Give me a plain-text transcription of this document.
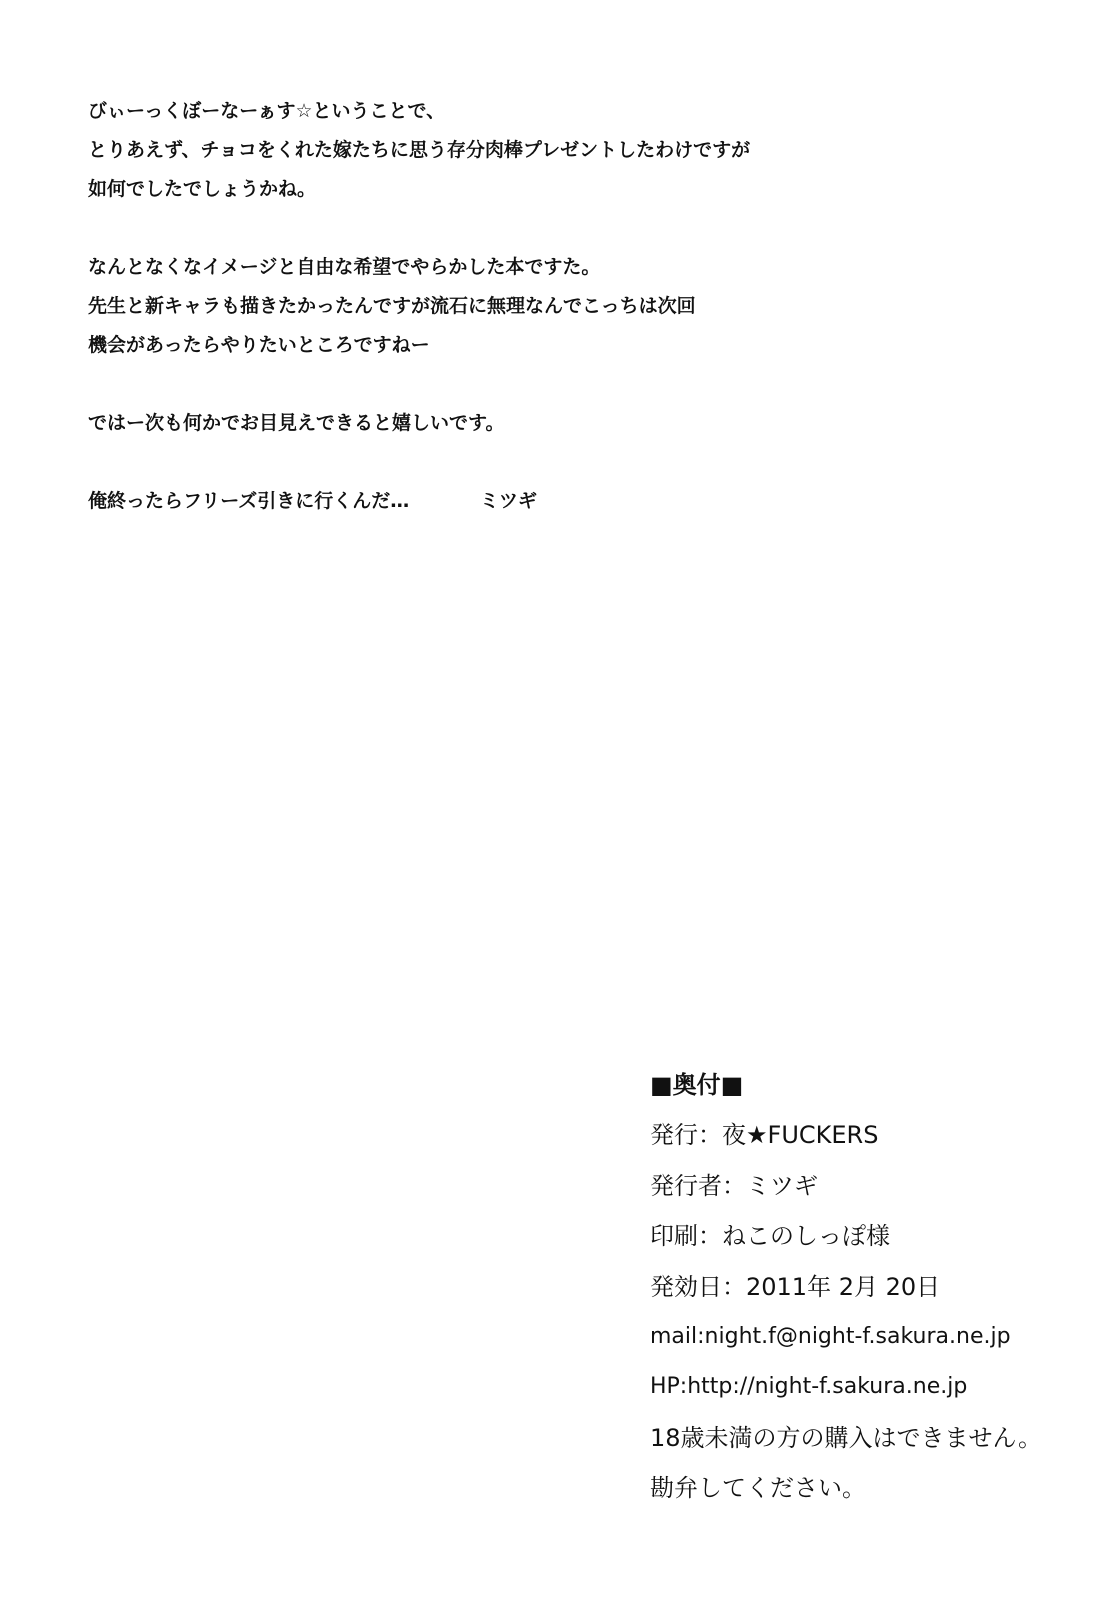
びぃーっくぼーなーぁす☆ということで、
とりあえず、チョコをくれた嫁たちに思う存分肉棒プレゼントしたわけですが
如何でしたでしょうかね。
なんとなくなイメージと自由な希望でやらかした本ですた。
先生と新キャラも描きたかったんですが流石に無理なんでこっちは次回
機会があったらやりたいところですねー
ではー次も何かでお目見えできると嬉しいです。
俺終ったらフリーズ引きに行くんだ…	ミツギ
■奥付■
発行：夜★FUCKERS
発行者：ミツギ
印刷：ねこのしっぽ様
発効日：2011年 2月 20日
mail:night.f@night-f.sakura.ne.jp
HP:http://night-f.sakura.ne.jp
18歳未満の方の購入はできません。
勘弁してください。
